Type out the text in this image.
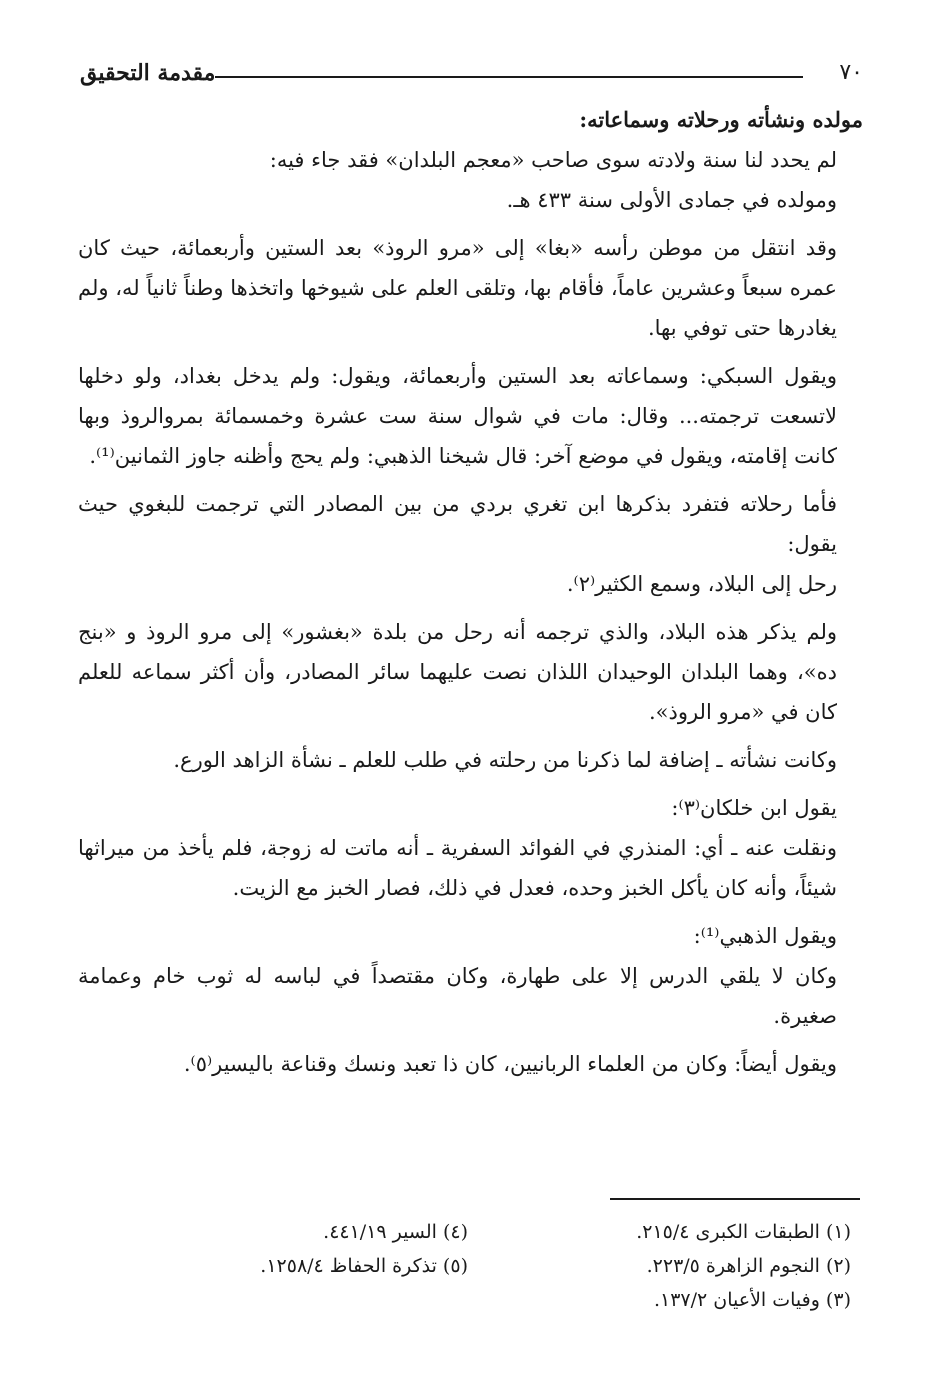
٧٠
مقدمة التحقيق

مولده ونشأته ورحلاته وسماعاته:

لم يحدد لنا سنة ولادته سوى صاحب «معجم البلدان» فقد جاء فيه:

ومولده في جمادى الأولى سنة ٤٣٣ هـ.

وقد انتقل من موطن رأسه «بغا» إلى «مرو الروذ» بعد الستين وأربعمائة، حيث كان عمره سبعاً وعشرين عاماً، فأقام بها، وتلقى العلم على شيوخها واتخذها وطناً ثانياً له، ولم يغادرها حتى توفي بها.

ويقول السبكي: وسماعاته بعد الستين وأربعمائة، ويقول: ولم يدخل بغداد، ولو دخلها لاتسعت ترجمته... وقال: مات في شوال سنة ست عشرة وخمسمائة بمروالروذ وبها كانت إقامته، ويقول في موضع آخر: قال شيخنا الذهبي: ولم يحج وأظنه جاوز الثمانين⁽¹⁾.

فأما رحلاته فتفرد بذكرها ابن تغري بردي من بين المصادر التي ترجمت للبغوي حيث يقول:

رحل إلى البلاد، وسمع الكثير⁽٢⁾.

ولم يذكر هذه البلاد، والذي ترجمه أنه رحل من بلدة «بغشور» إلى مرو الروذ و «بنج ده»، وهما البلدان الوحيدان اللذان نصت عليهما سائر المصادر، وأن أكثر سماعه للعلم كان في «مرو الروذ».

وكانت نشأته ـ إضافة لما ذكرنا من رحلته في طلب للعلم ـ نشأة الزاهد الورع.

يقول ابن خلكان⁽٣⁾:

ونقلت عنه ـ أي: المنذري في الفوائد السفرية ـ أنه ماتت له زوجة، فلم يأخذ من ميراثها شيئاً، وأنه كان يأكل الخبز وحده، فعدل في ذلك، فصار الخبز مع الزيت.

ويقول الذهبي⁽¹⁾:

وكان لا يلقي الدرس إلا على طهارة، وكان مقتصداً في لباسه له ثوب خام وعمامة صغيرة.

ويقول أيضاً: وكان من العلماء الربانيين، كان ذا تعبد ونسك وقناعة باليسير⁽٥⁾.

(١) الطبقات الكبرى ٢١٥/٤.
(٢) النجوم الزاهرة ٢٢٣/٥.
(٣) وفيات الأعيان ١٣٧/٢.
(٤) السير ٤٤١/١٩.
(٥) تذكرة الحفاظ ١٢٥٨/٤.
